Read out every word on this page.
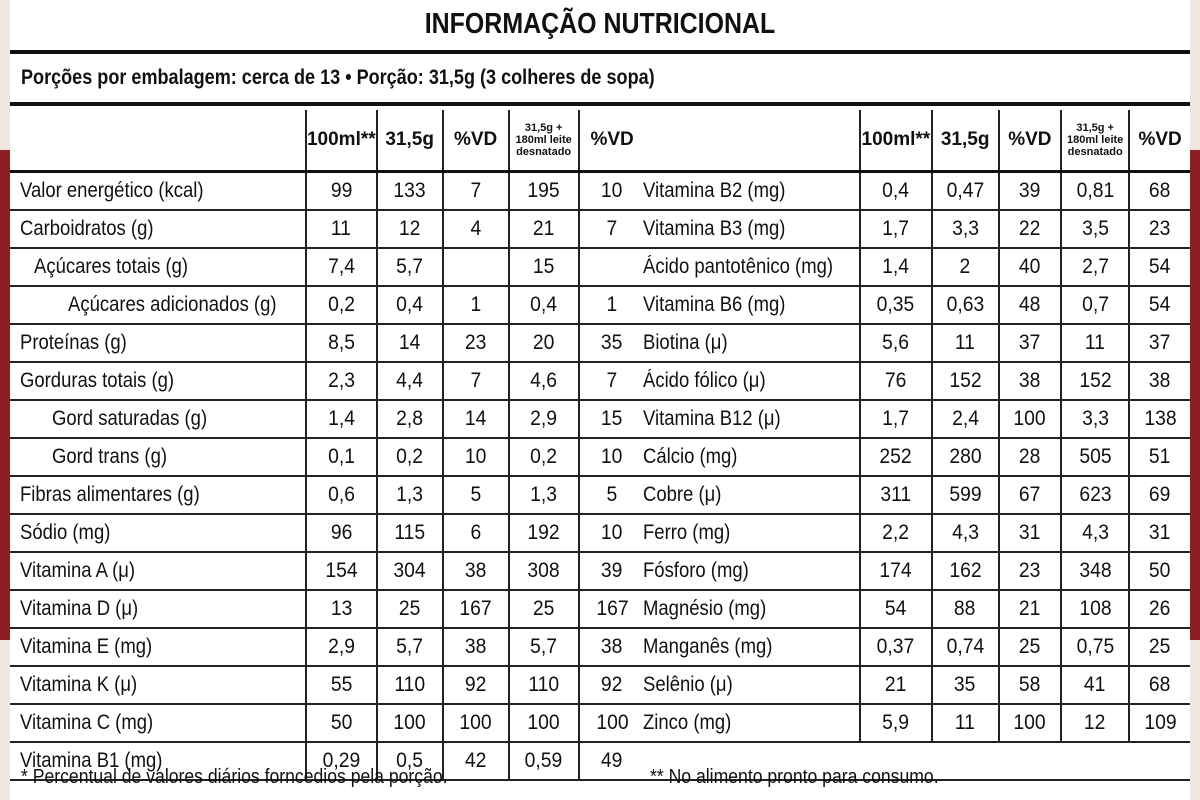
INFORMAÇÃO NUTRICIONAL
Porções por embalagem: cerca de 13 • Porção: 31,5g (3 colheres de sopa)
	100ml**	31,5g	%VD	31,5g +
180ml leite
desnatado	%VD
Valor energético (kcal)	99	133	7	195	10
Carboidratos (g)	11	12	4	21	7
Açúcares totais (g)	7,4	5,7		15	
Açúcares adicionados (g)	0,2	0,4	1	0,4	1
Proteínas (g)	8,5	14	23	20	35
Gorduras totais (g)	2,3	4,4	7	4,6	7
Gord saturadas (g)	1,4	2,8	14	2,9	15
Gord trans (g)	0,1	0,2	10	0,2	10
Fibras alimentares (g)	0,6	1,3	5	1,3	5
Sódio (mg)	96	115	6	192	10
Vitamina A (μ)	154	304	38	308	39
Vitamina D (μ)	13	25	167	25	167
Vitamina E (mg)	2,9	5,7	38	5,7	38
Vitamina K (μ)	55	110	92	110	92
Vitamina C (mg)	50	100	100	100	100
Vitamina B1 (mg)	0,29	0,5	42	0,59	49
	100ml**	31,5g	%VD	31,5g +
180ml leite
desnatado	%VD
Vitamina B2 (mg)	0,4	0,47	39	0,81	68
Vitamina B3 (mg)	1,7	3,3	22	3,5	23
Ácido pantotênico (mg)	1,4	2	40	2,7	54
Vitamina B6 (mg)	0,35	0,63	48	0,7	54
Biotina (μ)	5,6	11	37	11	37
Ácido fólico (μ)	76	152	38	152	38
Vitamina B12 (μ)	1,7	2,4	100	3,3	138
Cálcio (mg)	252	280	28	505	51
Cobre (μ)	311	599	67	623	69
Ferro (mg)	2,2	4,3	31	4,3	31
Fósforo (mg)	174	162	23	348	50
Magnésio (mg)	54	88	21	108	26
Manganês (mg)	0,37	0,74	25	0,75	25
Selênio (μ)	21	35	58	41	68
Zinco (mg)	5,9	11	100	12	109

* Percentual de valores diários forncedios pela porção.	** No alimento pronto para consumo.
